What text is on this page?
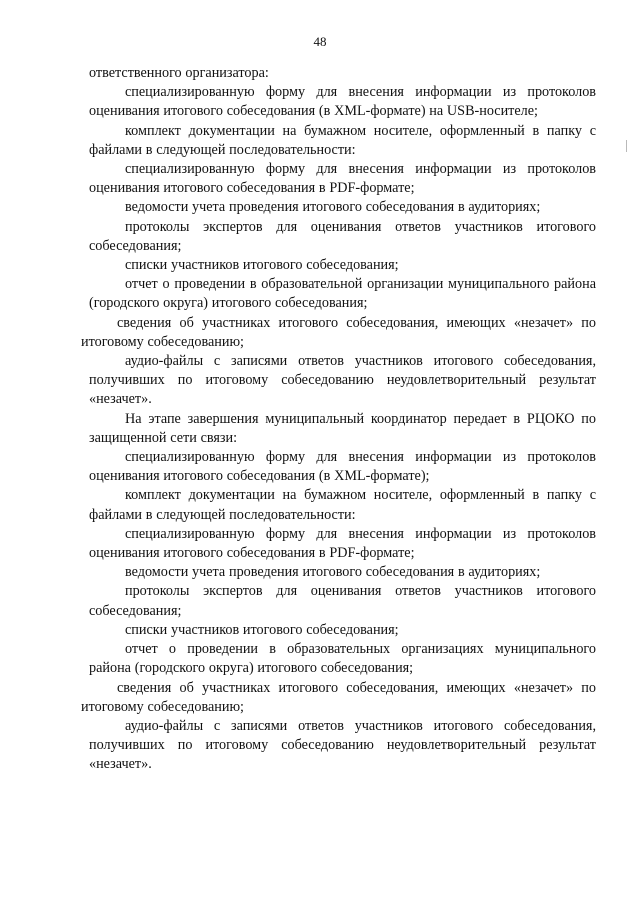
48

ответственного организатора:

специализированную форму для внесения информации из протоколов оценивания итогового собеседования (в XML-формате) на USB-носителе;

комплект документации на бумажном носителе, оформленный в папку с файлами в следующей последовательности:

специализированную форму для внесения информации из протоколов оценивания итогового собеседования в PDF-формате;

ведомости учета проведения итогового собеседования в аудиториях;

протоколы экспертов для оценивания ответов участников итогового собеседования;

списки участников итогового собеседования;

отчет о проведении в образовательной организации муниципального района (городского округа) итогового собеседования;

сведения об участниках итогового собеседования, имеющих «незачет» по итоговому собеседованию;

аудио-файлы с записями ответов участников итогового собеседования, получивших по итоговому собеседованию неудовлетворительный результат «незачет».

На этапе завершения муниципальный координатор передает в РЦОКО по защищенной сети связи:

специализированную форму для внесения информации из протоколов оценивания итогового собеседования (в XML-формате);

комплект документации на бумажном носителе, оформленный в папку с файлами в следующей последовательности:

специализированную форму для внесения информации из протоколов оценивания итогового собеседования в PDF-формате;

ведомости учета проведения итогового собеседования в аудиториях;

протоколы экспертов для оценивания ответов участников итогового собеседования;

списки участников итогового собеседования;

отчет о проведении в образовательных организациях муниципального района (городского округа) итогового собеседования;

сведения об участниках итогового собеседования, имеющих «незачет» по итоговому собеседованию;

аудио-файлы с записями ответов участников итогового собеседования, получивших по итоговому собеседованию неудовлетворительный результат «незачет».
